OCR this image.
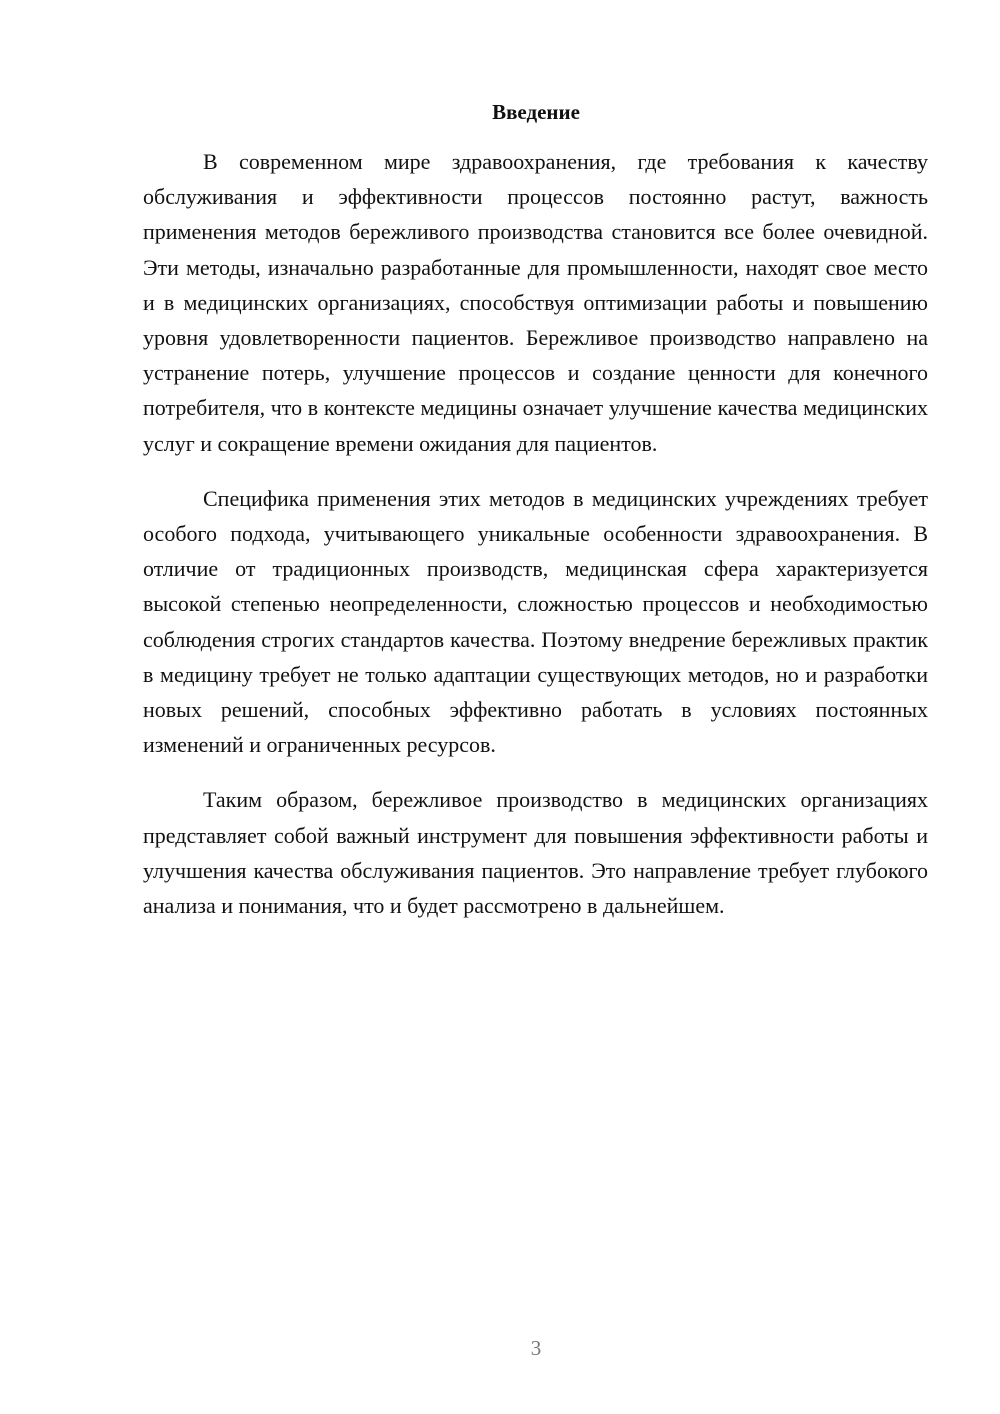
Введение

В современном мире здравоохранения, где требования к качеству обслуживания и эффективности процессов постоянно растут, важность применения методов бережливого производства становится все более очевидной. Эти методы, изначально разработанные для промышленности, находят свое место и в медицинских организациях, способствуя оптимизации работы и повышению уровня удовлетворенности пациентов. Бережливое производство направлено на устранение потерь, улучшение процессов и создание ценности для конечного потребителя, что в контексте медицины означает улучшение качества медицинских услуг и сокращение времени ожидания для пациентов.

Специфика применения этих методов в медицинских учреждениях требует особого подхода, учитывающего уникальные особенности здравоохранения. В отличие от традиционных производств, медицинская сфера характеризуется высокой степенью неопределенности, сложностью процессов и необходимостью соблюдения строгих стандартов качества. Поэтому внедрение бережливых практик в медицину требует не только адаптации существующих методов, но и разработки новых решений, способных эффективно работать в условиях постоянных изменений и ограниченных ресурсов.

Таким образом, бережливое производство в медицинских организациях представляет собой важный инструмент для повышения эффективности работы и улучшения качества обслуживания пациентов. Это направление требует глубокого анализа и понимания, что и будет рассмотрено в дальнейшем.

3
